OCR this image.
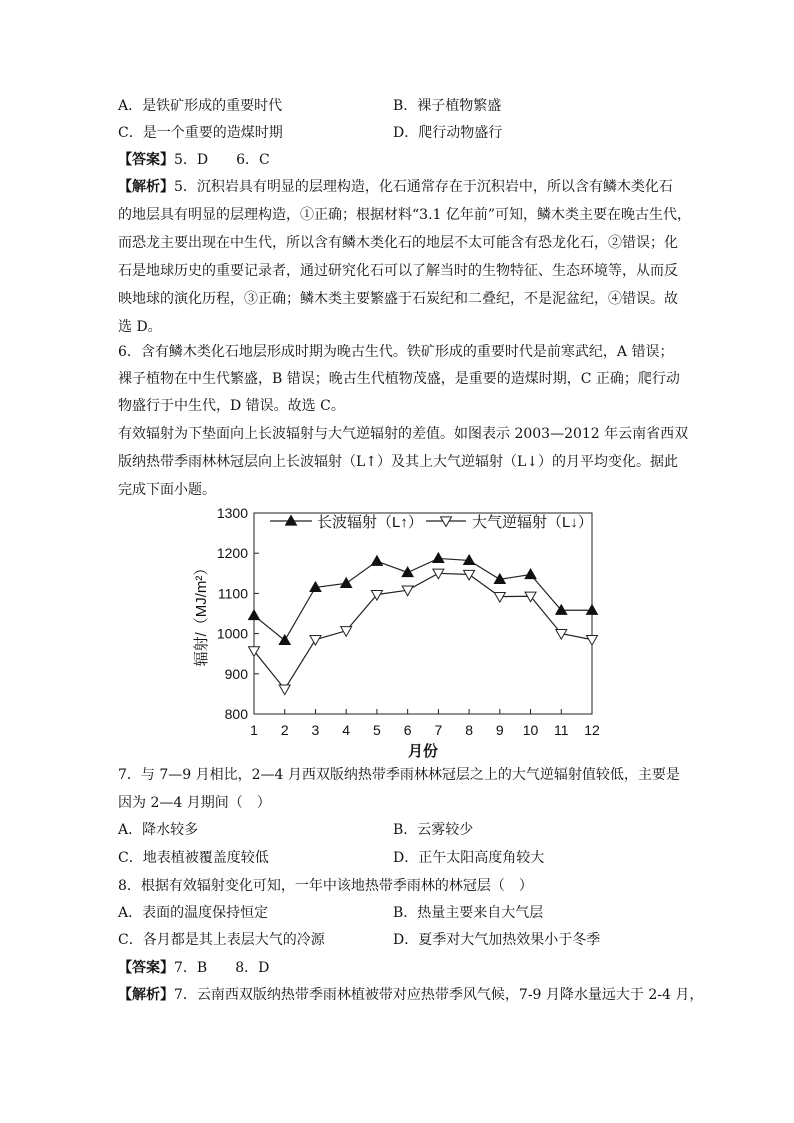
A．是铁矿形成的重要时代	B．裸子植物繁盛
C．是一个重要的造煤时期	D．爬行动物盛行
【答案】5．D　　6．C
【解析】5．沉积岩具有明显的层理构造，化石通常存在于沉积岩中，所以含有鳞木类化石
的地层具有明显的层理构造，①正确；根据材料“3.1 亿年前”可知，鳞木类主要在晚古生代，
而恐龙主要出现在中生代，所以含有鳞木类化石的地层不太可能含有恐龙化石，②错误；化
石是地球历史的重要记录者，通过研究化石可以了解当时的生物特征、生态环境等，从而反
映地球的演化历程，③正确；鳞木类主要繁盛于石炭纪和二叠纪，不是泥盆纪，④错误。故
选 D。
6．含有鳞木类化石地层形成时期为晚古生代。铁矿形成的重要时代是前寒武纪，A 错误；
裸子植物在中生代繁盛，B 错误；晚古生代植物茂盛，是重要的造煤时期，C 正确；爬行动
物盛行于中生代，D 错误。故选 C。
有效辐射为下垫面向上长波辐射与大气逆辐射的差值。如图表示 2003—2012 年云南省西双
版纳热带季雨林林冠层向上长波辐射（L↑）及其上大气逆辐射（L↓）的月平均变化。据此
完成下面小题。
800
900
1000
1100
1200
1300
1 2 3 4 5 6 7 8 9 10 11 12
月份
辐射/（MJ/m²）
长波辐射（L↑）	大气逆辐射（L↓）
7．与 7—9 月相比，2—4 月西双版纳热带季雨林林冠层之上的大气逆辐射值较低，主要是
因为 2—4 月期间（　）
A．降水较多	B．云雾较少
C．地表植被覆盖度较低	D．正午太阳高度角较大
8．根据有效辐射变化可知，一年中该地热带季雨林的林冠层（　）
A．表面的温度保持恒定	B．热量主要来自大气层
C．各月都是其上表层大气的冷源	D．夏季对大气加热效果小于冬季
【答案】7．B　　8．D
【解析】7．云南西双版纳热带季雨林植被带对应热带季风气候，7-9 月降水量远大于 2-4 月，
